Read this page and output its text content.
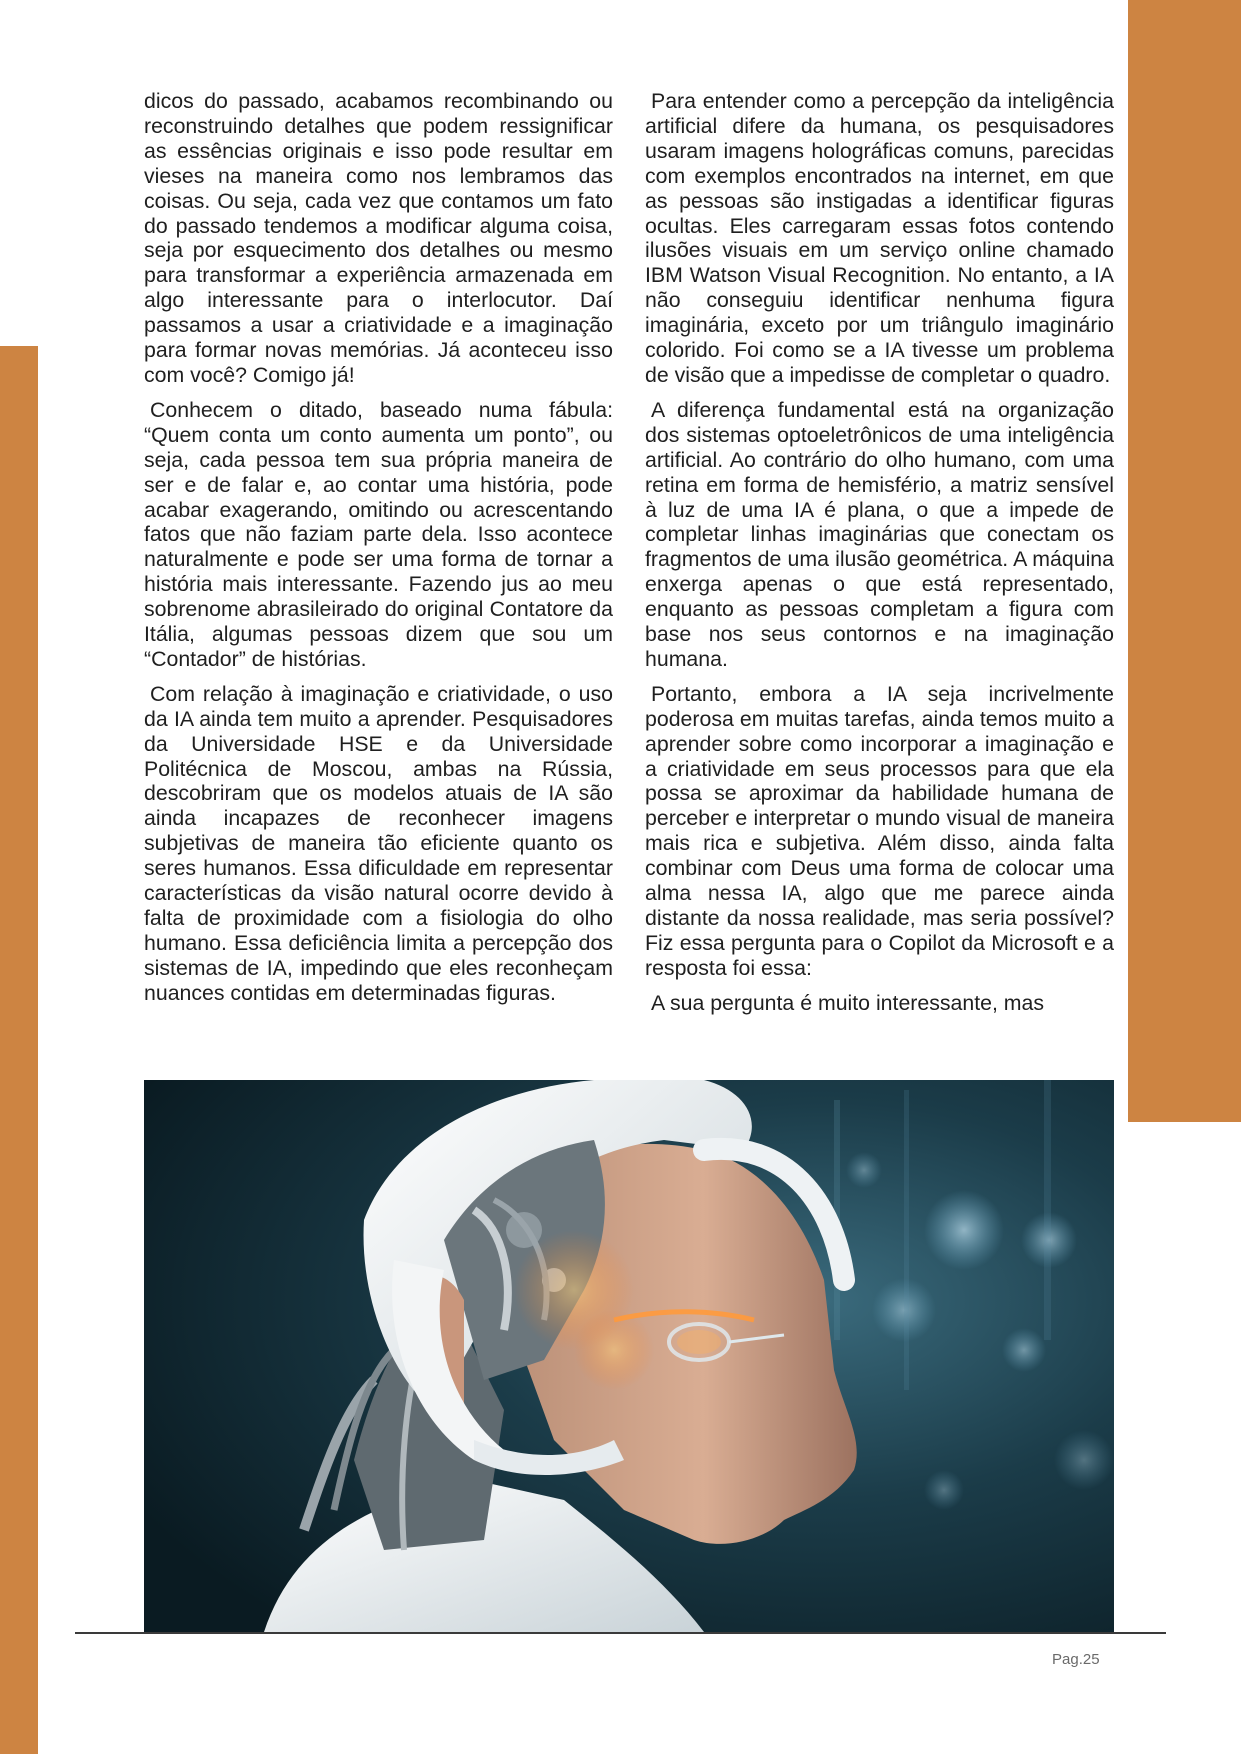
dicos do passado, acabamos recombinando ou reconstruindo detalhes que podem ressignificar as essências originais e isso pode resultar em vieses na maneira como nos lembramos das coisas. Ou seja, cada vez que contamos um fato do passado tendemos a modificar alguma coisa, seja por esquecimento dos detalhes ou mesmo para transformar a experiência armazenada em algo interessante para o interlocutor. Daí passamos a usar a criatividade e a imaginação para formar novas memórias. Já aconteceu isso com você? Comigo já!

Conhecem o ditado, baseado numa fábula: “Quem conta um conto aumenta um ponto”, ou seja, cada pessoa tem sua própria maneira de ser e de falar e, ao contar uma história, pode acabar exagerando, omitindo ou acrescentando fatos que não faziam parte dela. Isso acontece naturalmente e pode ser uma forma de tornar a história mais interessante. Fazendo jus ao meu sobrenome abrasileirado do original Contatore da Itália, algumas pessoas dizem que sou um “Contador” de histórias.

Com relação à imaginação e criatividade, o uso da IA ainda tem muito a aprender. Pesquisadores da Universidade HSE e da Universidade Politécnica de Moscou, ambas na Rússia, descobriram que os modelos atuais de IA são ainda incapazes de reconhecer imagens subjetivas de maneira tão eficiente quanto os seres humanos. Essa dificuldade em representar características da visão natural ocorre devido à falta de proximidade com a fisiologia do olho humano. Essa deficiência limita a percepção dos sistemas de IA, impedindo que eles reconheçam nuances contidas em determinadas figuras.

Para entender como a percepção da inteligência artificial difere da humana, os pesquisadores usaram imagens holográficas comuns, parecidas com exemplos encontrados na internet, em que as pessoas são instigadas a identificar figuras ocultas. Eles carregaram essas fotos contendo ilusões visuais em um serviço online chamado IBM Watson Visual Recognition. No entanto, a IA não conseguiu identificar nenhuma figura imaginária, exceto por um triângulo imaginário colorido. Foi como se a IA tivesse um problema de visão que a impedisse de completar o quadro.

A diferença fundamental está na organização dos sistemas optoeletrônicos de uma inteligência artificial. Ao contrário do olho humano, com uma retina em forma de hemisfério, a matriz sensível à luz de uma IA é plana, o que a impede de completar linhas imaginárias que conectam os fragmentos de uma ilusão geométrica. A máquina enxerga apenas o que está representado, enquanto as pessoas completam a figura com base nos seus contornos e na imaginação humana.

Portanto, embora a IA seja incrivelmente poderosa em muitas tarefas, ainda temos muito a aprender sobre como incorporar a imaginação e a criatividade em seus processos para que ela possa se aproximar da habilidade humana de perceber e interpretar o mundo visual de maneira mais rica e subjetiva. Além disso, ainda falta combinar com Deus uma forma de colocar uma alma nessa IA, algo que me parece ainda distante da nossa realidade, mas seria possível? Fiz essa pergunta para o Copilot da Microsoft e a resposta foi essa:

A sua pergunta é muito interessante, mas

Pag.25
